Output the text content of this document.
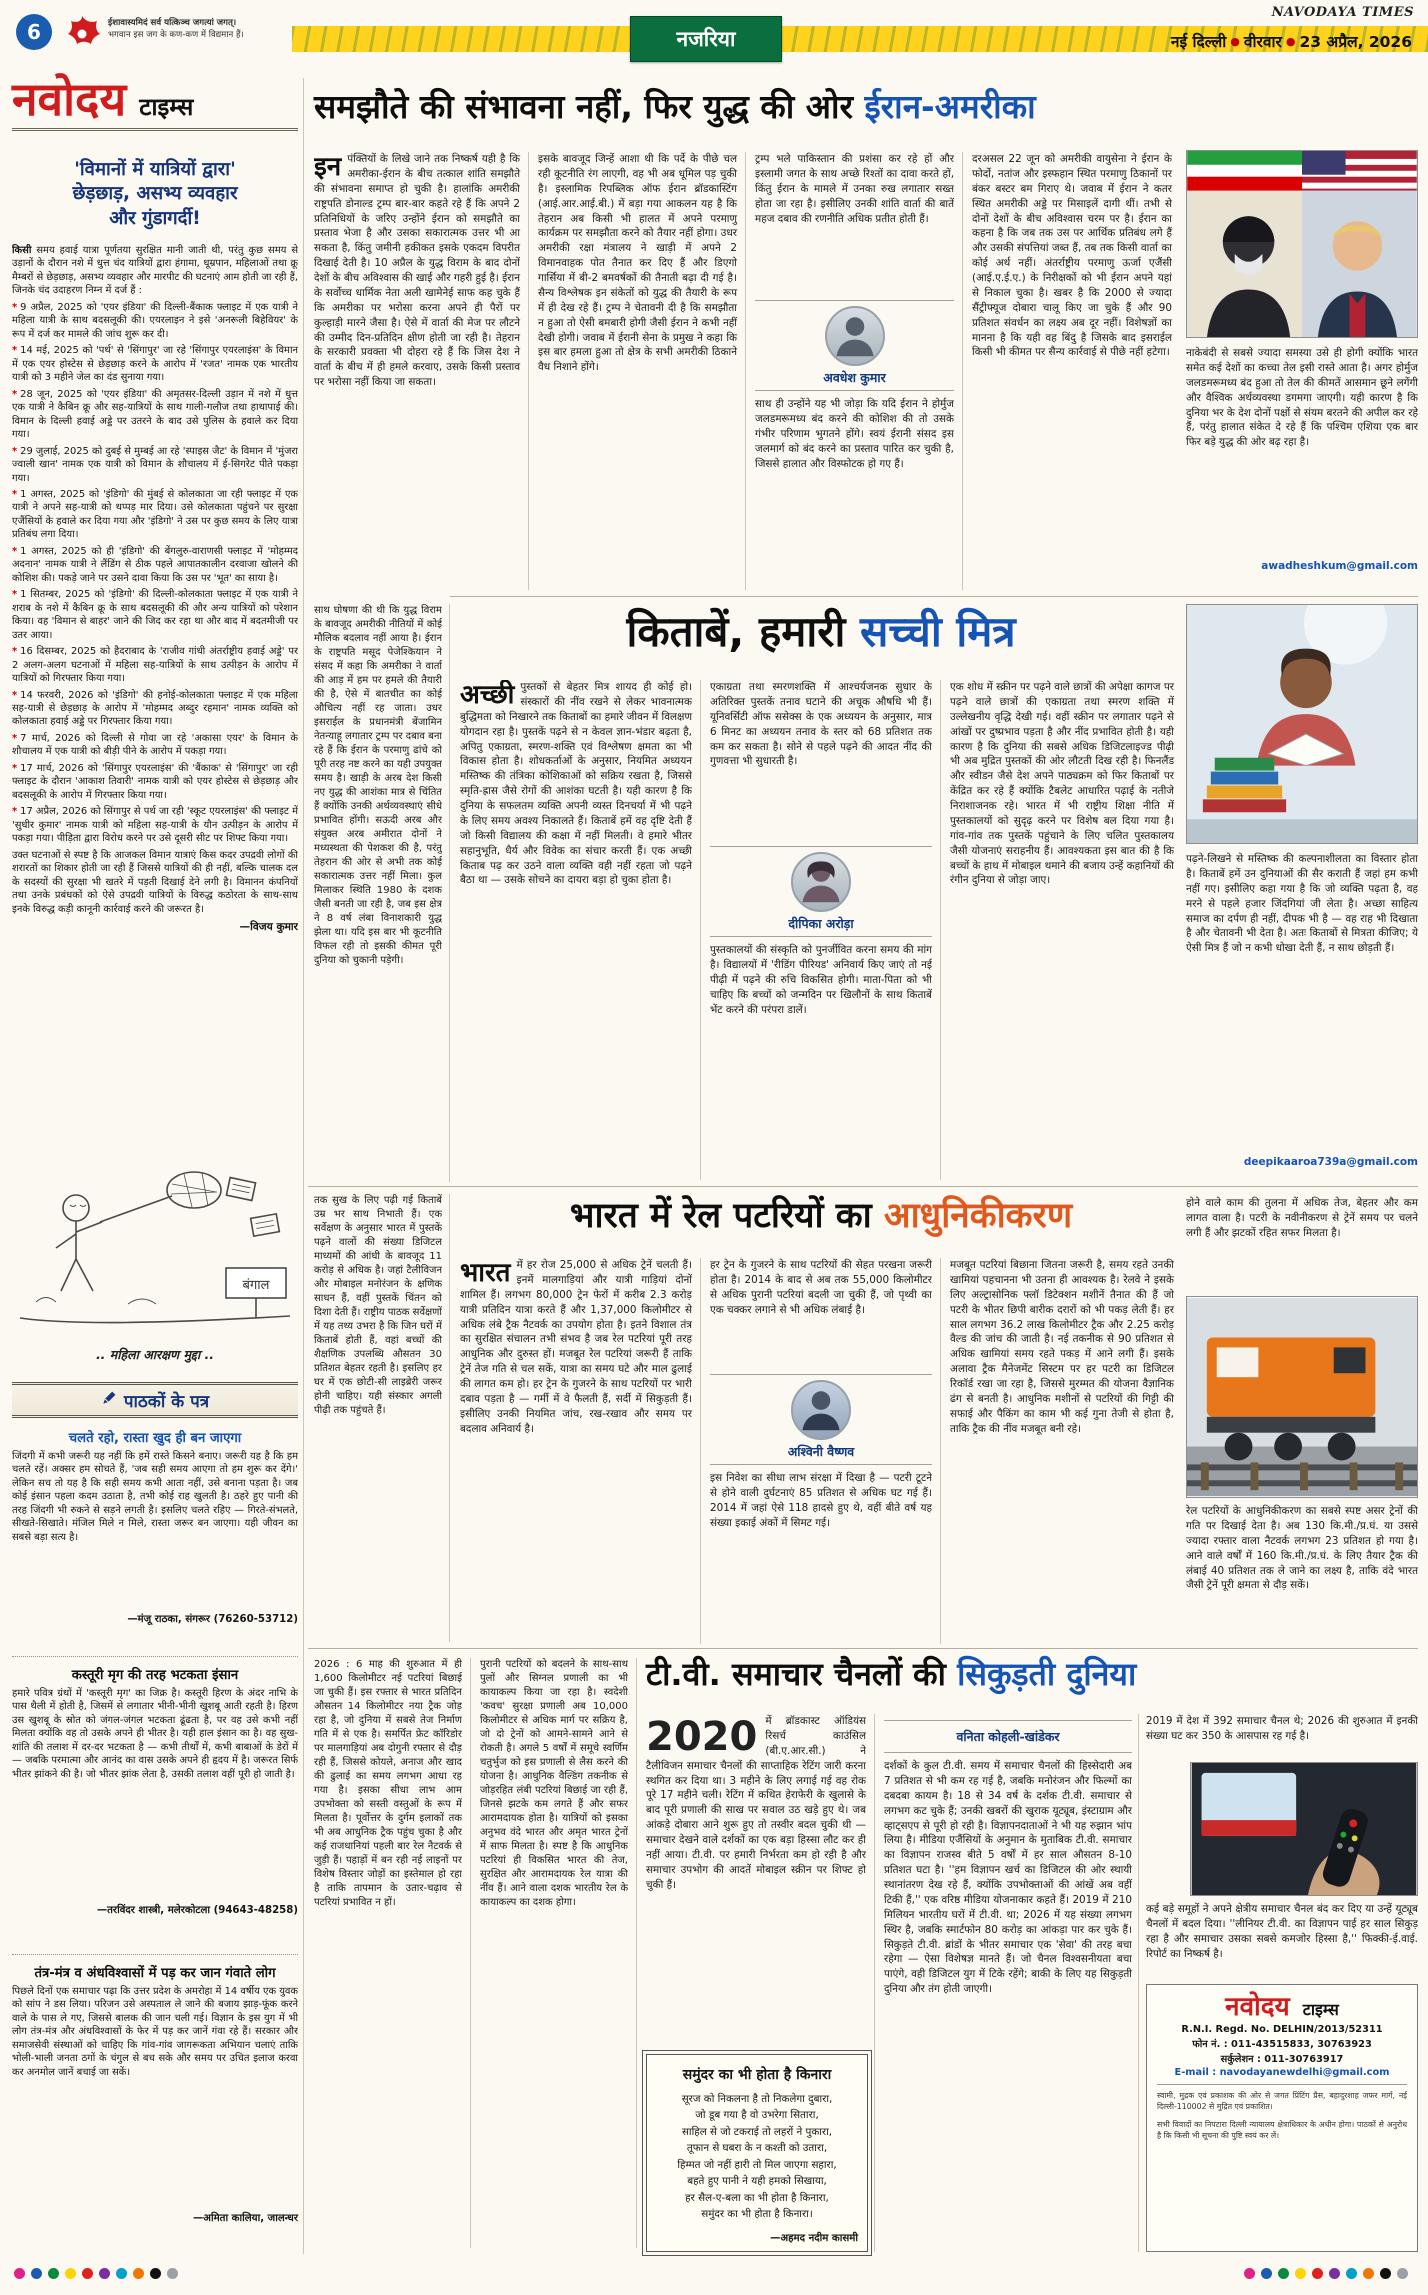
6	ईशावास्यमिदं सर्व यत्किञ्च जगत्यां जगत्।
भगवान इस जग के कण-कण में विद्यमान हैं।	नजरिया
NAVODAYA TIMES
नई दिल्ली ● वीरवार ● 23 अप्रैल, 2026
नवोदय टाइम्स
'विमानों में यात्रियों द्वारा'
छेड़छाड़, असभ्य व्यवहार
और गुंडागर्दी!

किसी समय हवाई यात्रा पूर्णतया सुरक्षित मानी जाती थी, परंतु कुछ समय से उड़ानों के दौरान नशे में धुत्त चंद यात्रियों द्वारा हंगामा, धूम्रपान, महिलाओं तथा क्रू मैम्बरों से छेड़छाड़, असभ्य व्यवहार और मारपीट की घटनाएं आम होती जा रही हैं, जिनके चंद उदाहरण निम्न में दर्ज हैं :

* 9 अप्रैल, 2025 को 'एयर इंडिया' की दिल्ली-बैंकाक फ्लाइट में एक यात्री ने महिला यात्री के साथ बदसलूकी की। एयरलाइन ने इसे 'अनरूली बिहेवियर' के रूप में दर्ज कर मामले की जांच शुरू कर दी।

* 14 मई, 2025 को 'पर्थ' से 'सिंगापुर' जा रहे 'सिंगापुर एयरलाइंस' के विमान में एक एयर होस्टेस से छेड़छाड़ करने के आरोप में 'रजत' नामक एक भारतीय यात्री को 3 महीने जेल का दंड सुनाया गया।

* 28 जून, 2025 को 'एयर इंडिया' की अमृतसर-दिल्ली उड़ान में नशे में धुत्त एक यात्री ने कैबिन क्रू और सह-यात्रियों के साथ गाली-गलौज तथा हाथापाई की। विमान के दिल्ली हवाई अड्डे पर उतरने के बाद उसे पुलिस के हवाले कर दिया गया।

* 29 जुलाई, 2025 को दुबई से मुम्बई आ रहे 'स्पाइस जैट' के विमान में 'मुंजरा ज्वाली खान' नामक एक यात्री को विमान के शौचालय में ई-सिगरेट पीते पकड़ा गया।

* 1 अगस्त, 2025 को 'इंडिगो' की मुंबई से कोलकाता जा रही फ्लाइट में एक यात्री ने अपने सह-यात्री को थप्पड़ मार दिया। उसे कोलकाता पहुंचने पर सुरक्षा एजैंसियों के हवाले कर दिया गया और 'इंडिगो' ने उस पर कुछ समय के लिए यात्रा प्रतिबंध लगा दिया।

* 1 अगस्त, 2025 को ही 'इंडिगो' की बेंगलुरु-वाराणसी फ्लाइट में 'मोहम्मद अदनान' नामक यात्री ने लैंडिंग से ठीक पहले आपातकालीन दरवाजा खोलने की कोशिश की। पकड़े जाने पर उसने दावा किया कि उस पर 'भूत' का साया है।

* 1 सितम्बर, 2025 को 'इंडिगो' की दिल्ली-कोलकाता फ्लाइट में एक यात्री ने शराब के नशे में कैबिन क्रू के साथ बदसलूकी की और अन्य यात्रियों को परेशान किया। वह 'विमान से बाहर' जाने की जिद कर रहा था और बाद में बदतमीजी पर उतर आया।

* 16 दिसम्बर, 2025 को हैदराबाद के 'राजीव गांधी अंतर्राष्ट्रीय हवाई अड्डे' पर 2 अलग-अलग घटनाओं में महिला सह-यात्रियों के साथ उत्पीड़न के आरोप में यात्रियों को गिरफ्तार किया गया।

* 14 फरवरी, 2026 को 'इंडिगो' की हनोई-कोलकाता फ्लाइट में एक महिला सह-यात्री से छेड़छाड़ के आरोप में 'मोहम्मद अब्दुर रहमान' नामक व्यक्ति को कोलकाता हवाई अड्डे पर गिरफ्तार किया गया।

* 7 मार्च, 2026 को दिल्ली से गोवा जा रहे 'अकासा एयर' के विमान के शौचालय में एक यात्री को बीड़ी पीने के आरोप में पकड़ा गया।

* 17 मार्च, 2026 को 'सिंगापुर एयरलाइंस' की 'बैंकाक' से 'सिंगापुर' जा रही फ्लाइट के दौरान 'आकाश तिवारी' नामक यात्री को एयर होस्टेस से छेड़छाड़ और बदसलूकी के आरोप में गिरफ्तार किया गया।

* 17 अप्रैल, 2026 को सिंगापुर से पर्थ जा रही 'स्कूट एयरलाइंस' की फ्लाइट में 'सुधीर कुमार' नामक यात्री को महिला सह-यात्री के यौन उत्पीड़न के आरोप में पकड़ा गया। पीड़िता द्वारा विरोध करने पर उसे दूसरी सीट पर शिफ्ट किया गया।

उक्त घटनाओं से स्पष्ट है कि आजकल विमान यात्राएं किस कदर उपद्रवी लोगों की शरारतों का शिकार होती जा रही हैं जिससे यात्रियों की ही नहीं, बल्कि चालक दल के सदस्यों की सुरक्षा भी खतरे में पड़ती दिखाई देने लगी है। विमानन कंपनियों तथा उनके प्रबंधकों को ऐसे उपद्रवी यात्रियों के विरुद्ध कठोरता के साथ-साथ इनके विरुद्ध कड़ी कानूनी कार्रवाई करने की जरूरत है।

—विजय कुमार
बंगाल
.. महिला आरक्षण मुद्दा ..
पाठकों के पत्र
चलते रहो, रास्ता खुद ही बन जाएगा
जिंदगी में कभी जरूरी यह नहीं कि हमें रास्ते किसने बनाए। जरूरी यह है कि हम चलते रहें। अक्सर हम सोचते हैं, 'जब सही समय आएगा तो हम शुरू कर देंगे।' लेकिन सच तो यह है कि सही समय कभी आता नहीं, उसे बनाना पड़ता है। जब कोई इंसान पहला कदम उठाता है, तभी कोई राह खुलती है। ठहरे हुए पानी की तरह जिंदगी भी रुकने से सड़ने लगती है। इसलिए चलते रहिए — गिरते-संभलते, सीखते-सिखाते। मंजिल मिले न मिले, रास्ता जरूर बन जाएगा। यही जीवन का सबसे बड़ा सत्य है।
—मंजू राठका, संगरूर (76260-53712)
कस्तूरी मृग की तरह भटकता इंसान
हमारे पवित्र ग्रंथों में 'कस्तूरी मृग' का जिक्र है। कस्तूरी हिरण के अंदर नाभि के पास थैली में होती है, जिसमें से लगातार भीनी-भीनी खुशबू आती रहती है। हिरण उस खुशबू के स्रोत को जंगल-जंगल भटकता ढूंढता है, पर वह उसे कभी नहीं मिलता क्योंकि वह तो उसके अपने ही भीतर है। यही हाल इंसान का है। वह सुख-शांति की तलाश में दर-दर भटकता है — कभी तीर्थों में, कभी बाबाओं के डेरों में — जबकि परमात्मा और आनंद का वास उसके अपने ही हृदय में है। जरूरत सिर्फ भीतर झांकने की है। जो भीतर झांक लेता है, उसकी तलाश वहीं पूरी हो जाती है।
—तरविंदर शास्त्री, मलेरकोटला (94643-48258)
तंत्र-मंत्र व अंधविश्वासों में पड़ कर जान गंवाते लोग
पिछले दिनों एक समाचार पढ़ा कि उत्तर प्रदेश के अमरोहा में 14 वर्षीय एक युवक को सांप ने डस लिया। परिजन उसे अस्पताल ले जाने की बजाय झाड़-फूंक करने वाले के पास ले गए, जिससे बालक की जान चली गई। विज्ञान के इस युग में भी लोग तंत्र-मंत्र और अंधविश्वासों के फेर में पड़ कर जानें गंवा रहे हैं। सरकार और समाजसेवी संस्थाओं को चाहिए कि गांव-गांव जागरूकता अभियान चलाएं ताकि भोली-भाली जनता ठगों के चंगुल से बच सके और समय पर उचित इलाज करवा कर अनमोल जानें बचाई जा सकें।
—अमिता कालिया, जालन्धर
समझौते की संभावना नहीं, फिर युद्ध की ओर ईरान-अमरीका
इन पंक्तियों के लिखे जाने तक निष्कर्ष यही है कि अमरीका-ईरान के बीच तत्काल शांति समझौते की संभावना समाप्त हो चुकी है। हालांकि अमरीकी राष्ट्रपति डोनाल्ड ट्रम्प बार-बार कहते रहे हैं कि अपने 2 प्रतिनिधियों के जरिए उन्होंने ईरान को समझौते का प्रस्ताव भेजा है और उसका सकारात्मक उत्तर भी आ सकता है, किंतु जमीनी हकीकत इसके एकदम विपरीत दिखाई देती है। 10 अप्रैल के युद्ध विराम के बाद दोनों देशों के बीच अविश्वास की खाई और गहरी हुई है। ईरान के सर्वोच्च धार्मिक नेता अली खामेनेई साफ कह चुके हैं कि अमरीका पर भरोसा करना अपने ही पैरों पर कुल्हाड़ी मारने जैसा है। ऐसे में वार्ता की मेज पर लौटने की उम्मीद दिन-प्रतिदिन क्षीण होती जा रही है। तेहरान के सरकारी प्रवक्ता भी दोहरा रहे हैं कि जिस देश ने वार्ता के बीच में ही हमले करवाए, उसके किसी प्रस्ताव पर भरोसा नहीं किया जा सकता।
इसके बावजूद जिन्हें आशा थी कि पर्दे के पीछे चल रही कूटनीति रंग लाएगी, वह भी अब धूमिल पड़ चुकी है। इस्लामिक रिपब्लिक ऑफ ईरान ब्रॉडकास्टिंग (आई.आर.आई.बी.) में बड़ा गया आकलन यह है कि तेहरान अब किसी भी हालत में अपने परमाणु कार्यक्रम पर समझौता करने को तैयार नहीं होगा। उधर अमरीकी रक्षा मंत्रालय ने खाड़ी में अपने 2 विमानवाहक पोत तैनात कर दिए हैं और डिएगो गार्सिया में बी-2 बमवर्षकों की तैनाती बढ़ा दी गई है। सैन्य विश्लेषक इन संकेतों को युद्ध की तैयारी के रूप में ही देख रहे हैं। ट्रम्प ने चेतावनी दी है कि समझौता न हुआ तो ऐसी बमबारी होगी जैसी ईरान ने कभी नहीं देखी होगी। जवाब में ईरानी सेना के प्रमुख ने कहा कि इस बार हमला हुआ तो क्षेत्र के सभी अमरीकी ठिकाने वैध निशाने होंगे।
ट्रम्प भले पाकिस्तान की प्रशंसा कर रहे हों और इस्लामी जगत के साथ अच्छे रिश्तों का दावा करते हों, किंतु ईरान के मामले में उनका रुख लगातार सख्त होता जा रहा है। इसीलिए उनकी शांति वार्ता की बातें महज दबाव की रणनीति अधिक प्रतीत होती हैं।
अवधेश कुमार
साथ ही उन्होंने यह भी जोड़ा कि यदि ईरान ने होर्मुज जलडमरूमध्य बंद करने की कोशिश की तो उसके गंभीर परिणाम भुगतने होंगे। स्वयं ईरानी संसद इस जलमार्ग को बंद करने का प्रस्ताव पारित कर चुकी है, जिससे हालात और विस्फोटक हो गए हैं।
दरअसल 22 जून को अमरीकी वायुसेना ने ईरान के फोर्दो, नतांज और इस्फहान स्थित परमाणु ठिकानों पर बंकर बस्टर बम गिराए थे। जवाब में ईरान ने कतर स्थित अमरीकी अड्डे पर मिसाइलें दागी थीं। तभी से दोनों देशों के बीच अविश्वास चरम पर है। ईरान का कहना है कि जब तक उस पर आर्थिक प्रतिबंध लगे हैं और उसकी संपत्तियां जब्त हैं, तब तक किसी वार्ता का कोई अर्थ नहीं। अंतर्राष्ट्रीय परमाणु ऊर्जा एजैंसी (आई.ए.ई.ए.) के निरीक्षकों को भी ईरान अपने यहां से निकाल चुका है। खबर है कि 2000 से ज्यादा सैंट्रीफ्यूज दोबारा चालू किए जा चुके हैं और 90 प्रतिशत संवर्धन का लक्ष्य अब दूर नहीं। विशेषज्ञों का मानना है कि यही वह बिंदु है जिसके बाद इसराईल किसी भी कीमत पर सैन्य कार्रवाई से पीछे नहीं हटेगा।	नाकेबंदी से सबसे ज्यादा समस्या उसे ही होगी क्योंकि भारत समेत कई देशों का कच्चा तेल इसी रास्ते आता है। अगर होर्मुज जलडमरूमध्य बंद हुआ तो तेल की कीमतें आसमान छूने लगेंगी और वैश्विक अर्थव्यवस्था डगमगा जाएगी। यही कारण है कि दुनिया भर के देश दोनों पक्षों से संयम बरतने की अपील कर रहे हैं, परंतु हालात संकेत दे रहे हैं कि पश्चिम एशिया एक बार फिर बड़े युद्ध की ओर बढ़ रहा है।
awadheshkum@gmail.com
साथ घोषणा की थी कि युद्ध विराम के बावजूद अमरीकी नीतियों में कोई मौलिक बदलाव नहीं आया है। ईरान के राष्ट्रपति मसूद पेजेश्कियान ने संसद में कहा कि अमरीका ने वार्ता की आड़ में हम पर हमले की तैयारी की है, ऐसे में बातचीत का कोई औचित्य नहीं रह जाता। उधर इसराईल के प्रधानमंत्री बेंजामिन नेतन्याहू लगातार ट्रम्प पर दबाव बना रहे हैं कि ईरान के परमाणु ढांचे को पूरी तरह नष्ट करने का यही उपयुक्त समय है। खाड़ी के अरब देश किसी नए युद्ध की आशंका मात्र से चिंतित हैं क्योंकि उनकी अर्थव्यवस्थाएं सीधे प्रभावित होंगी। सऊदी अरब और संयुक्त अरब अमीरात दोनों ने मध्यस्थता की पेशकश की है, परंतु तेहरान की ओर से अभी तक कोई सकारात्मक उत्तर नहीं मिला। कुल मिलाकर स्थिति 1980 के दशक जैसी बनती जा रही है, जब इस क्षेत्र ने 8 वर्ष लंबा विनाशकारी युद्ध झेला था। यदि इस बार भी कूटनीति विफल रही तो इसकी कीमत पूरी दुनिया को चुकानी पड़ेगी।
किताबें, हमारी सच्ची मित्र
अच्छी पुस्तकों से बेहतर मित्र शायद ही कोई हो। संस्कारों की नींव रखने से लेकर भावनात्मक बुद्धिमता को निखारने तक किताबों का हमारे जीवन में विलक्षण योगदान रहा है। पुस्तकें पढ़ने से न केवल ज्ञान-भंडार बढ़ता है, अपितु एकाग्रता, स्मरण-शक्ति एवं विश्लेषण क्षमता का भी विकास होता है। शोधकर्ताओं के अनुसार, नियमित अध्ययन मस्तिष्क की तंत्रिका कोशिकाओं को सक्रिय रखता है, जिससे स्मृति-ह्रास जैसे रोगों की आशंका घटती है। यही कारण है कि दुनिया के सफलतम व्यक्ति अपनी व्यस्त दिनचर्या में भी पढ़ने के लिए समय अवश्य निकालते हैं। किताबें हमें वह दृष्टि देती हैं जो किसी विद्यालय की कक्षा में नहीं मिलती। वे हमारे भीतर सहानुभूति, धैर्य और विवेक का संचार करती हैं। एक अच्छी किताब पढ़ कर उठने वाला व्यक्ति वही नहीं रहता जो पढ़ने बैठा था — उसके सोचने का दायरा बड़ा हो चुका होता है।
एकाग्रता तथा स्मरणशक्ति में आश्चर्यजनक सुधार के अतिरिक्त पुस्तकें तनाव घटाने की अचूक औषधि भी हैं। यूनिवर्सिटी ऑफ ससेक्स के एक अध्ययन के अनुसार, मात्र 6 मिनट का अध्ययन तनाव के स्तर को 68 प्रतिशत तक कम कर सकता है। सोने से पहले पढ़ने की आदत नींद की गुणवत्ता भी सुधारती है।
दीपिका अरोड़ा
पुस्तकालयों की संस्कृति को पुनर्जीवित करना समय की मांग है। विद्यालयों में 'रीडिंग पीरियड' अनिवार्य किए जाएं तो नई पीढ़ी में पढ़ने की रुचि विकसित होगी। माता-पिता को भी चाहिए कि बच्चों को जन्मदिन पर खिलौनों के साथ किताबें भेंट करने की परंपरा डालें।
एक शोध में स्क्रीन पर पढ़ने वाले छात्रों की अपेक्षा कागज पर पढ़ने वाले छात्रों की एकाग्रता तथा स्मरण शक्ति में उल्लेखनीय वृद्धि देखी गई। वहीं स्क्रीन पर लगातार पढ़ने से आंखों पर दुष्प्रभाव पड़ता है और नींद प्रभावित होती है। यही कारण है कि दुनिया की सबसे अधिक डिजिटलाइज्ड पीढ़ी भी अब मुद्रित पुस्तकों की ओर लौटती दिख रही है। फिनलैंड और स्वीडन जैसे देश अपने पाठ्यक्रम को फिर किताबों पर केंद्रित कर रहे हैं क्योंकि टैबलेट आधारित पढ़ाई के नतीजे निराशाजनक रहे। भारत में भी राष्ट्रीय शिक्षा नीति में पुस्तकालयों को सुदृढ़ करने पर विशेष बल दिया गया है। गांव-गांव तक पुस्तकें पहुंचाने के लिए चलित पुस्तकालय जैसी योजनाएं सराहनीय हैं। आवश्यकता इस बात की है कि बच्चों के हाथ में मोबाइल थमाने की बजाय उन्हें कहानियों की रंगीन दुनिया से जोड़ा जाए।
पढ़ने-लिखने से मस्तिष्क की कल्पनाशीलता का विस्तार होता है। किताबें हमें उन दुनियाओं की सैर कराती हैं जहां हम कभी नहीं गए। इसीलिए कहा गया है कि जो व्यक्ति पढ़ता है, वह मरने से पहले हजार जिंदगियां जी लेता है। अच्छा साहित्य समाज का दर्पण ही नहीं, दीपक भी है — वह राह भी दिखाता है और चेतावनी भी देता है। अतः किताबों से मित्रता कीजिए; ये ऐसी मित्र हैं जो न कभी धोखा देती हैं, न साथ छोड़ती हैं।
deepikaaroa739a@gmail.com
तक सुख के लिए पढ़ी गई किताबें उम्र भर साथ निभाती हैं। एक सर्वेक्षण के अनुसार भारत में पुस्तकें पढ़ने वालों की संख्या डिजिटल माध्यमों की आंधी के बावजूद 11 करोड़ से अधिक है। जहां टैलीविजन और मोबाइल मनोरंजन के क्षणिक साधन हैं, वहीं पुस्तकें चिंतन को दिशा देती हैं। राष्ट्रीय पाठक सर्वेक्षणों में यह तथ्य उभरा है कि जिन घरों में किताबें होती हैं, वहां बच्चों की शैक्षणिक उपलब्धि औसतन 30 प्रतिशत बेहतर रहती है। इसलिए हर घर में एक छोटी-सी लाइब्रेरी जरूर होनी चाहिए। यही संस्कार अगली पीढ़ी तक पहुंचते हैं।
भारत में रेल पटरियों का आधुनिकीकरण	होने वाले काम की तुलना में अधिक तेज, बेहतर और कम लागत वाला है। पटरी के नवीनीकरण से ट्रेनें समय पर चलने लगी हैं और झटकों रहित सफर मिलता है।
रेल पटरियों के आधुनिकीकरण का सबसे स्पष्ट असर ट्रेनों की गति पर दिखाई देता है। अब 130 कि.मी./प्र.घं. या उससे ज्यादा रफ्तार वाला नैटवर्क लगभग 23 प्रतिशत हो गया है। आने वाले वर्षों में 160 कि.मी./प्र.घं. के लिए तैयार ट्रैक की लंबाई 40 प्रतिशत तक ले जाने का लक्ष्य है, ताकि वंदे भारत जैसी ट्रेनें पूरी क्षमता से दौड़ सकें।
भारत में हर रोज 25,000 से अधिक ट्रेनें चलती हैं। इनमें मालगाड़ियां और यात्री गाड़ियां दोनों शामिल हैं। लगभग 80,000 ट्रेन फेरों में करीब 2.3 करोड़ यात्री प्रतिदिन यात्रा करते हैं और 1,37,000 किलोमीटर से अधिक लंबे ट्रैक नैटवर्क का उपयोग होता है। इतने विशाल तंत्र का सुरक्षित संचालन तभी संभव है जब रेल पटरियां पूरी तरह आधुनिक और दुरुस्त हों। मजबूत रेल पटरियां जरूरी हैं ताकि ट्रेनें तेज गति से चल सकें, यात्रा का समय घटे और माल ढुलाई की लागत कम हो। हर ट्रेन के गुजरने के साथ पटरियों पर भारी दबाव पड़ता है — गर्मी में वे फैलती हैं, सर्दी में सिकुड़ती हैं। इसीलिए उनकी नियमित जांच, रख-रखाव और समय पर बदलाव अनिवार्य है।
हर ट्रेन के गुजरने के साथ पटरियों की सेहत परखना जरूरी होता है। 2014 के बाद से अब तक 55,000 किलोमीटर से अधिक पुरानी पटरियां बदली जा चुकी हैं, जो पृथ्वी का एक चक्कर लगाने से भी अधिक लंबाई है।
अश्विनी वैष्णव
इस निवेश का सीधा लाभ संरक्षा में दिखा है — पटरी टूटने से होने वाली दुर्घटनाएं 85 प्रतिशत से अधिक घट गई हैं। 2014 में जहां ऐसे 118 हादसे हुए थे, वहीं बीते वर्ष यह संख्या इकाई अंकों में सिमट गई।
मजबूत पटरियां बिछाना जितना जरूरी है, समय रहते उनकी खामियां पहचानना भी उतना ही आवश्यक है। रेलवे ने इसके लिए अल्ट्रासोनिक फ्लॉ डिटेक्शन मशीनें तैनात की हैं जो पटरी के भीतर छिपी बारीक दरारों को भी पकड़ लेती हैं। हर साल लगभग 36.2 लाख किलोमीटर ट्रैक और 2.25 करोड़ वैल्ड की जांच की जाती है। नई तकनीक से 90 प्रतिशत से अधिक खामियां समय रहते पकड़ में आने लगी हैं। इसके अलावा ट्रैक मैनेजमेंट सिस्टम पर हर पटरी का डिजिटल रिकॉर्ड रखा जा रहा है, जिससे मुरम्मत की योजना वैज्ञानिक ढंग से बनती है। आधुनिक मशीनों से पटरियों की गिट्टी की सफाई और पैकिंग का काम भी कई गुना तेजी से होता है, ताकि ट्रैक की नींव मजबूत बनी रहे।
2026 : 6 माह की शुरुआत में ही 1,600 किलोमीटर नई पटरियां बिछाई जा चुकी हैं। इस रफ्तार से भारत प्रतिदिन औसतन 14 किलोमीटर नया ट्रैक जोड़ रहा है, जो दुनिया में सबसे तेज निर्माण गति में से एक है। समर्पित फ्रेट कॉरिडोर पर मालगाड़ियां अब दोगुनी रफ्तार से दौड़ रही हैं, जिससे कोयले, अनाज और खाद की ढुलाई का समय लगभग आधा रह गया है। इसका सीधा लाभ आम उपभोक्ता को सस्ती वस्तुओं के रूप में मिलता है। पूर्वोत्तर के दुर्गम इलाकों तक भी अब आधुनिक ट्रैक पहुंच चुका है और कई राजधानियां पहली बार रेल नैटवर्क से जुड़ी हैं। पहाड़ों में बन रही नई लाइनों पर विशेष विस्तार जोड़ों का इस्तेमाल हो रहा है ताकि तापमान के उतार-चढ़ाव से पटरियां प्रभावित न हों।
पुरानी पटरियों को बदलने के साथ-साथ पुलों और सिग्नल प्रणाली का भी कायाकल्प किया जा रहा है। स्वदेशी 'कवच' सुरक्षा प्रणाली अब 10,000 किलोमीटर से अधिक मार्ग पर सक्रिय है, जो दो ट्रेनों को आमने-सामने आने से रोकती है। अगले 5 वर्षों में समूचे स्वर्णिम चतुर्भुज को इस प्रणाली से लैस करने की योजना है। आधुनिक वैल्डिंग तकनीक से जोड़रहित लंबी पटरियां बिछाई जा रही हैं, जिनसे झटके कम लगते हैं और सफर आरामदायक होता है। यात्रियों को इसका अनुभव वंदे भारत और अमृत भारत ट्रेनों में साफ मिलता है। स्पष्ट है कि आधुनिक पटरियां ही विकसित भारत की तेज, सुरक्षित और आरामदायक रेल यात्रा की नींव हैं। आने वाला दशक भारतीय रेल के कायाकल्प का दशक होगा।
टी.वी. समाचार चैनलों की सिकुड़ती दुनिया
2020 में ब्रॉडकास्ट ऑडियंस रिसर्च काउंसिल (बी.ए.आर.सी.) ने टैलीविजन समाचार चैनलों की साप्ताहिक रेटिंग जारी करना स्थगित कर दिया था। 3 महीने के लिए लगाई गई वह रोक पूरे 17 महीने चली। रेटिंग में कथित हेराफेरी के खुलासे के बाद पूरी प्रणाली की साख पर सवाल उठ खड़े हुए थे। जब आंकड़े दोबारा आने शुरू हुए तो तस्वीर बदल चुकी थी — समाचार देखने वाले दर्शकों का एक बड़ा हिस्सा लौट कर ही नहीं आया। टी.वी. पर हमारी निर्भरता कम हो रही है और समाचार उपभोग की आदतें मोबाइल स्क्रीन पर शिफ्ट हो चुकी हैं।
वनिता कोहली-खांडेकर
दर्शकों के कुल टी.वी. समय में समाचार चैनलों की हिस्सेदारी अब 7 प्रतिशत से भी कम रह गई है, जबकि मनोरंजन और फिल्मों का दबदबा कायम है। 18 से 34 वर्ष के दर्शक टी.वी. समाचार से लगभग कट चुके हैं; उनकी खबरों की खुराक यूट्यूब, इंस्टाग्राम और व्हाट्सएप से पूरी हो रही है। विज्ञापनदाताओं ने भी यह रुझान भांप लिया है। मीडिया एजैंसियों के अनुमान के मुताबिक टी.वी. समाचार का विज्ञापन राजस्व बीते 5 वर्षों में हर साल औसतन 8-10 प्रतिशत घटा है। ''हम विज्ञापन खर्च का डिजिटल की ओर स्थायी स्थानांतरण देख रहे हैं, क्योंकि उपभोक्ताओं की आंखें अब वहीं टिकी हैं,'' एक वरिष्ठ मीडिया योजनाकार कहते हैं। 2019 में 210 मिलियन भारतीय घरों में टी.वी. था; 2026 में यह संख्या लगभग स्थिर है, जबकि स्मार्टफोन 80 करोड़ का आंकड़ा पार कर चुके हैं। सिकुड़ते टी.वी. ब्रांडों के भीतर समाचार एक 'सेवा' की तरह बचा रहेगा — ऐसा विशेषज्ञ मानते हैं। जो चैनल विश्वसनीयता बचा पाएंगे, वही डिजिटल युग में टिके रहेंगे; बाकी के लिए यह सिकुड़ती दुनिया और तंग होती जाएगी।
2019 में देश में 392 समाचार चैनल थे; 2026 की शुरुआत में इनकी संख्या घट कर 350 के आसपास रह गई है।
कई बड़े समूहों ने अपने क्षेत्रीय समाचार चैनल बंद कर दिए या उन्हें यूट्यूब चैनलों में बदल दिया। ''लीनियर टी.वी. का विज्ञापन पाई हर साल सिकुड़ रहा है और समाचार उसका सबसे कमजोर हिस्सा है,'' फिक्की-ई.वाई. रिपोर्ट का निष्कर्ष है।
समुंदर का भी होता है किनारा
सूरज को निकलना है तो निकलेगा दुबारा,
जो डूब गया है वो उभरेगा सितारा,
साहिल से जो टकराई तो लहरों ने पुकारा,
तूफान से घबरा के न कश्ती को उतारा,
हिम्मत जो नहीं हारी तो मिल जाएगा सहारा,
बहते हुए पानी ने यही हमको सिखाया,
हर सैल-ए-बला का भी होता है किनारा,
समुंदर का भी होता है किनारा।
—अहमद नदीम कासमी
नवोदय टाइम्स
R.N.I. Regd. No. DELHIN/2013/52311
फोन नं. : 011-43515833, 30763923
सर्कुलेशन : 011-30763917
E-mail : navodayanewdelhi@gmail.com
स्वामी, मुद्रक एवं प्रकाशक की ओर से जगत प्रिंटिंग प्रैस, बहादुरशाह जफर मार्ग, नई दिल्ली-110002 से मुद्रित एवं प्रकाशित।
सभी विवादों का निपटारा दिल्ली न्यायालय क्षेत्राधिकार के अधीन होगा। पाठकों से अनुरोध है कि किसी भी सूचना की पुष्टि स्वयं कर लें।
